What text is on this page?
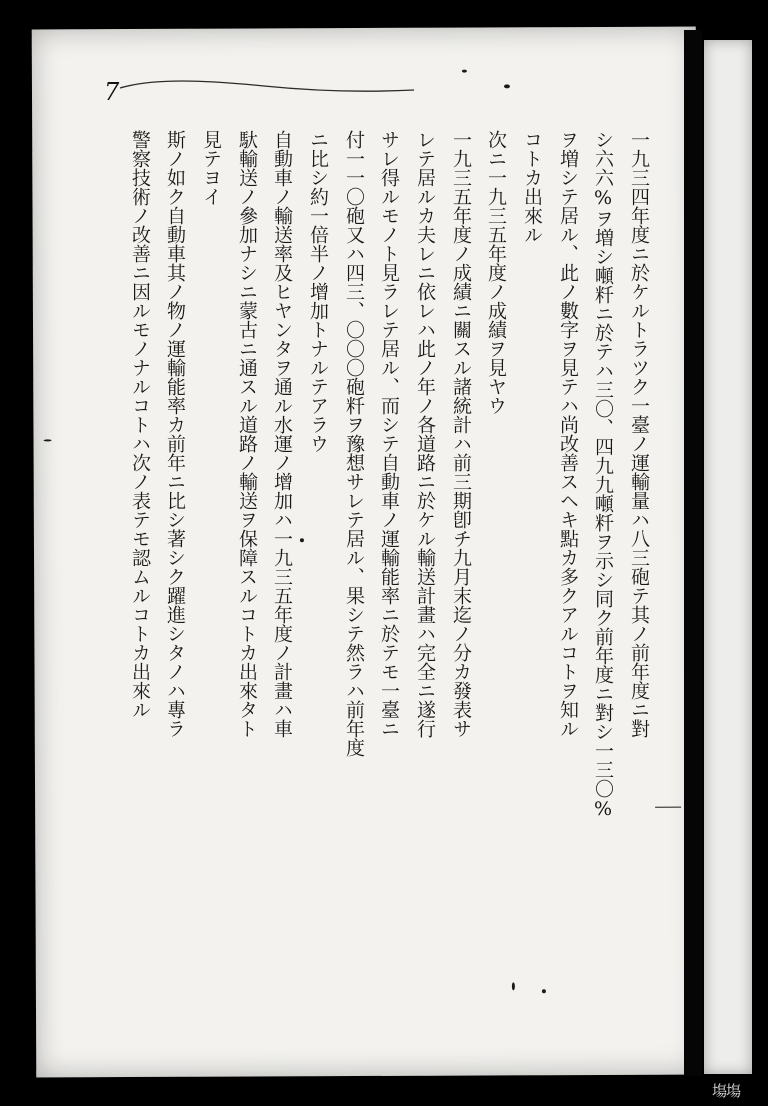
塲塲
7
一九三四年度ニ於ケルトラツク一臺ノ運輸量ハ八三砲テ其ノ前年度ニ對
シ六六%ヲ増シ噸粁ニ於テハ三〇、四九九噸粁ヲ示シ同ク前年度ニ對シ一三〇%
ヲ増シテ居ル、此ノ數字ヲ見テハ尚改善スヘキ點カ多クアルコトヲ知ル
コトカ出來ル
次ニ一九三五年度ノ成績ヲ見ヤウ
一九三五年度ノ成績ニ關スル諸統計ハ前三期卽チ九月末迄ノ分カ發表サ
レテ居ルカ夫レニ依レハ此ノ年ノ各道路ニ於ケル輸送計畫ハ完全ニ遂行
サレ得ルモノト見ラレテ居ル、而シテ自動車ノ運輸能率ニ於テモ一臺ニ
付一一〇砲又ハ四三、〇〇〇砲粁ヲ豫想サレテ居ル、果シテ然ラハ前年度
ニ比シ約一倍半ノ增加トナルテアラウ
自動車ノ輸送率及ヒヤンタヲ通ル水運ノ增加ハ一九三五年度ノ計畫ハ車
馱輸送ノ參加ナシニ蒙古ニ通スル道路ノ輸送ヲ保障スルコトカ出來タト
見テヨイ
斯ノ如ク自動車其ノ物ノ運輸能率カ前年ニ比シ著シク躍進シタノハ專ラ
警察技術ノ改善ニ因ルモノナルコトハ次ノ表テモ認ムルコトカ出來ル
